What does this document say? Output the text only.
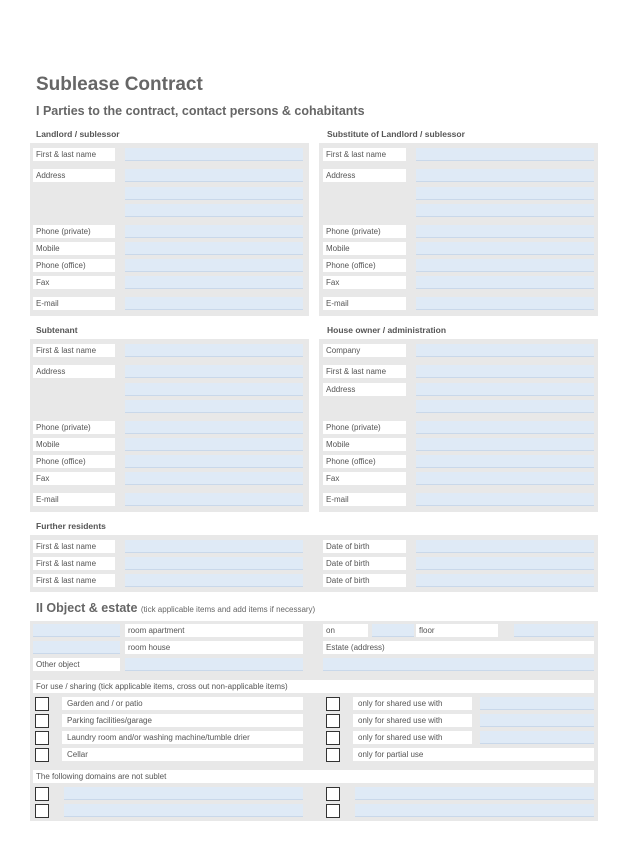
Sublease Contract
I Parties to the contract, contact persons & cohabitants
Landlord / sublessor	Substitute of Landlord / sublessor
First & last name
Address
Phone (private)
Mobile
Phone (office)
Fax
E-mail
First & last name
Address
Phone (private)
Mobile
Phone (office)
Fax
E-mail
Subtenant	House owner / administration
First & last name
Address
Phone (private)
Mobile
Phone (office)
Fax
E-mail
Company
First & last name
Address
Phone (private)
Mobile
Phone (office)
Fax
E-mail
Further residents
First & last name	Date of birth
First & last name	Date of birth
First & last name	Date of birth
II Object & estate (tick applicable items and add items if necessary)
room apartment	on	floor
room house	Estate (address)
Other object
For use / sharing (tick applicable items, cross out non-applicable items)
Garden and / or patio	only for shared use with
Parking facilities/garage	only for shared use with
Laundry room and/or washing machine/tumble drier	only for shared use with
Cellar	only for partial use
The following domains are not sublet
